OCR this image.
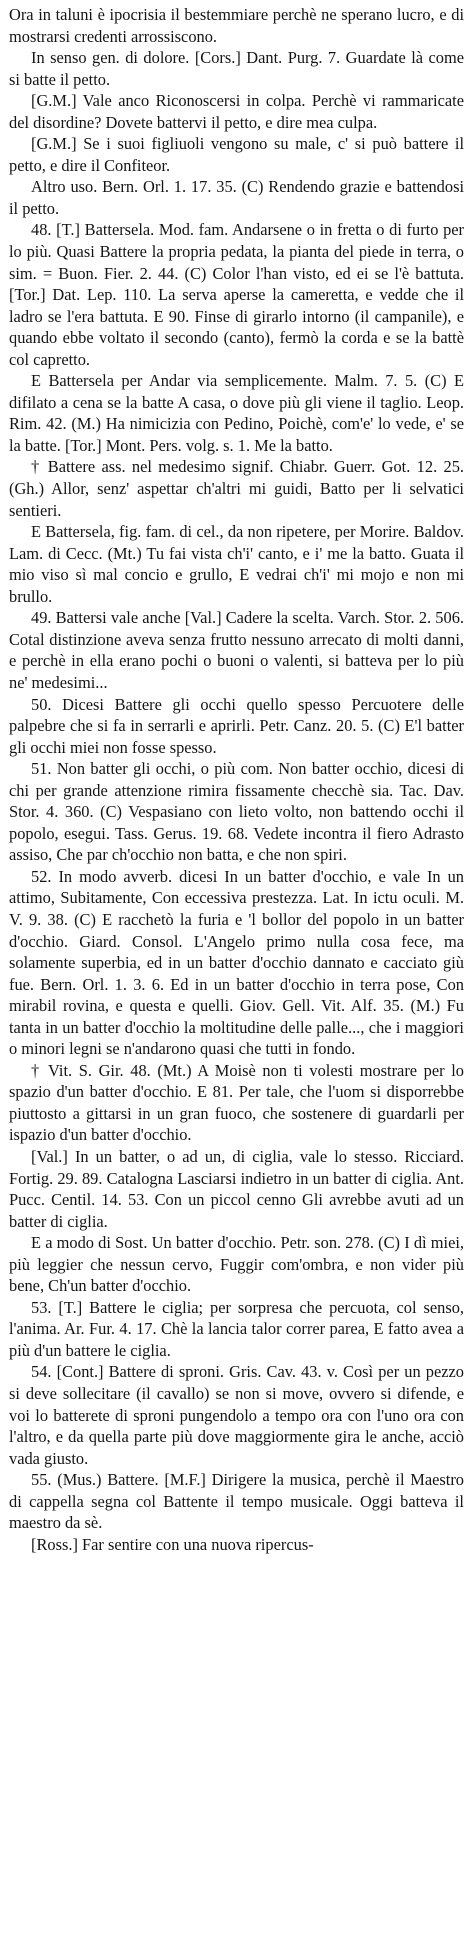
Ora in taluni è ipocrisia il bestemmiare perchè ne sperano lucro, e di mostrarsi credenti arrossiscono.

In senso gen. di dolore. [Cors.] Dant. Purg. 7. Guardate là come si batte il petto.

[G.M.] Vale anco Riconoscersi in colpa. Perchè vi rammaricate del disordine? Dovete battervi il petto, e dire mea culpa.

[G.M.] Se i suoi figliuoli vengono su male, c' si può battere il petto, e dire il Confiteor.

Altro uso. Bern. Orl. 1. 17. 35. (C) Rendendo grazie e battendosi il petto.

48. [T.] Battersela. Mod. fam. Andarsene o in fretta o di furto per lo più. Quasi Battere la propria pedata, la pianta del piede in terra, o sim. = Buon. Fier. 2. 44. (C) Color l'han visto, ed ei se l'è battuta. [Tor.] Dat. Lep. 110. La serva aperse la cameretta, e vedde che il ladro se l'era battuta. E 90. Finse di girarlo intorno (il campanile), e quando ebbe voltato il secondo (canto), fermò la corda e se la battè col capretto.

E Battersela per Andar via semplicemente. Malm. 7. 5. (C) E difilato a cena se la batte A casa, o dove più gli viene il taglio. Leop. Rim. 42. (M.) Ha nimicizia con Pedino, Poichè, com'e' lo vede, e' se la batte. [Tor.] Mont. Pers. volg. s. 1. Me la batto.

† Battere ass. nel medesimo signif. Chiabr. Guerr. Got. 12. 25. (Gh.) Allor, senz' aspettar ch'altri mi guidi, Batto per li selvatici sentieri.

E Battersela, fig. fam. di cel., da non ripetere, per Morire. Baldov. Lam. di Cecc. (Mt.) Tu fai vista ch'i' canto, e i' me la batto. Guata il mio viso sì mal concio e grullo, E vedrai ch'i' mi mojo e non mi brullo.

49. Battersi vale anche [Val.] Cadere la scelta. Varch. Stor. 2. 506. Cotal distinzione aveva senza frutto nessuno arrecato di molti danni, e perchè in ella erano pochi o buoni o valenti, si batteva per lo più ne' medesimi...

50. Dicesi Battere gli occhi quello spesso Percuotere delle palpebre che si fa in serrarli e aprirli. Petr. Canz. 20. 5. (C) E'l batter gli occhi miei non fosse spesso.

51. Non batter gli occhi, o più com. Non batter occhio, dicesi di chi per grande attenzione rimira fissamente checchè sia. Tac. Dav. Stor. 4. 360. (C) Vespasiano con lieto volto, non battendo occhi il popolo, esegui. Tass. Gerus. 19. 68. Vedete incontra il fiero Adrasto assiso, Che par ch'occhio non batta, e che non spiri.

52. In modo avverb. dicesi In un batter d'occhio, e vale In un attimo, Subitamente, Con eccessiva prestezza. Lat. In ictu oculi. M. V. 9. 38. (C) E racchetò la furia e 'l bollor del popolo in un batter d'occhio. Giard. Consol. L'Angelo primo nulla cosa fece, ma solamente superbia, ed in un batter d'occhio dannato e cacciato giù fue. Bern. Orl. 1. 3. 6. Ed in un batter d'occhio in terra pose, Con mirabil rovina, e questa e quelli. Giov. Gell. Vit. Alf. 35. (M.) Fu tanta in un batter d'occhio la moltitudine delle palle..., che i maggiori o minori legni se n'andarono quasi che tutti in fondo.

† Vit. S. Gir. 48. (Mt.) A Moisè non ti volesti mostrare per lo spazio d'un batter d'occhio. E 81. Per tale, che l'uom si disporrebbe piuttosto a gittarsi in un gran fuoco, che sostenere di guardarli per ispazio d'un batter d'occhio.

[Val.] In un batter, o ad un, di ciglia, vale lo stesso. Ricciard. Fortig. 29. 89. Catalogna Lasciarsi indietro in un batter di ciglia. Ant. Pucc. Centil. 14. 53. Con un piccol cenno Gli avrebbe avuti ad un batter di ciglia.

E a modo di Sost. Un batter d'occhio. Petr. son. 278. (C) I dì miei, più leggier che nessun cervo, Fuggir com'ombra, e non vider più bene, Ch'un batter d'occhio.

53. [T.] Battere le ciglia; per sorpresa che percuota, col senso, l'anima. Ar. Fur. 4. 17. Chè la lancia talor correr parea, E fatto avea a più d'un battere le ciglia.

54. [Cont.] Battere di sproni. Gris. Cav. 43. v. Così per un pezzo si deve sollecitare (il cavallo) se non si move, ovvero si difende, e voi lo batterete di sproni pungendolo a tempo ora con l'uno ora con l'altro, e da quella parte più dove maggiormente gira le anche, acciò vada giusto.

55. (Mus.) Battere. [M.F.] Dirigere la musica, perchè il Maestro di cappella segna col Battente il tempo musicale. Oggi batteva il maestro da sè.

[Ross.] Far sentire con una nuova ripercus-
